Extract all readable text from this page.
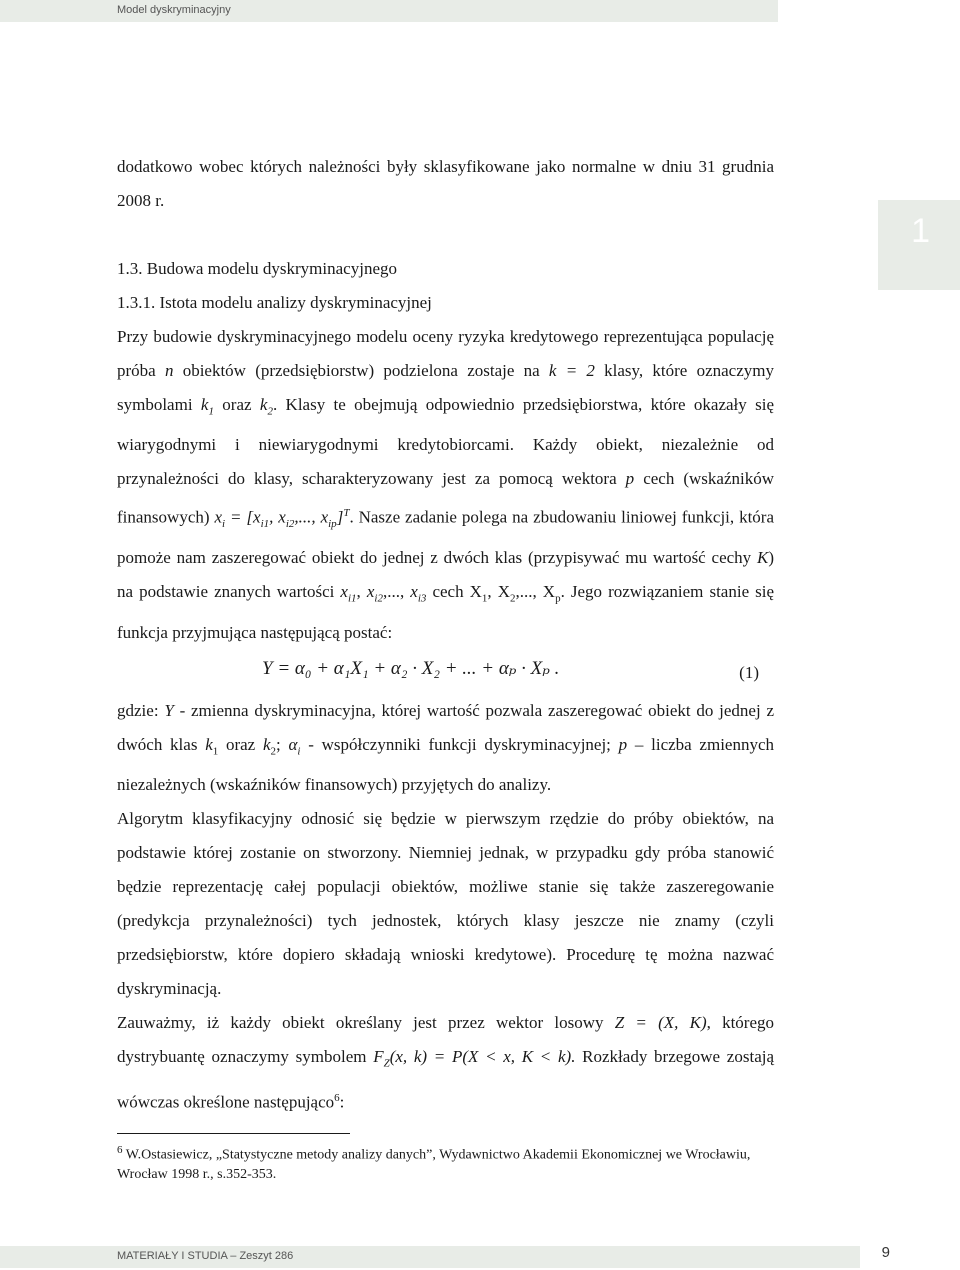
Model dyskryminacyjny
1

dodatkowo wobec których należności były sklasyfikowane jako normalne w dniu 31 grudnia 2008 r.

1.3. Budowa modelu dyskryminacyjnego

1.3.1. Istota modelu analizy dyskryminacyjnej

Przy budowie dyskryminacyjnego modelu oceny ryzyka kredytowego reprezentująca populację próba n obiektów (przedsiębiorstw) podzielona zostaje na k = 2 klasy, które oznaczymy symbolami $k_1$ oraz $k_2$. Klasy te obejmują odpowiednio przedsiębiorstwa, które okazały się wiarygodnymi i niewiarygodnymi kredytobiorcami. Każdy obiekt, niezależnie od przynależności do klasy, scharakteryzowany jest za pomocą wektora p cech (wskaźników finansowych) $x_i = [x_{i1}$, $x_{i2}$,..., $x_{ip}]^T$. Nasze zadanie polega na zbudowaniu liniowej funkcji, która pomoże nam zaszeregować obiekt do jednej z dwóch klas (przypisywać mu wartość cechy K) na podstawie znanych wartości $x_{i1}$, $x_{i2}$,..., $x_{i3}$ cech $X_1$, $X_2$,..., $X_p$. Jego rozwiązaniem stanie się funkcja przyjmująca następującą postać:

Y = α₀ + α₁X₁ + α₂ · X₂ + ... + αₚ · Xₚ .	(1)

gdzie: Y - zmienna dyskryminacyjna, której wartość pozwala zaszeregować obiekt do jednej z dwóch klas $k_1$ oraz $k_2$; $\alpha_i$ - współczynniki funkcji dyskryminacyjnej; p – liczba zmiennych niezależnych (wskaźników finansowych) przyjętych do analizy.

Algorytm klasyfikacyjny odnosić się będzie w pierwszym rzędzie do próby obiektów, na podstawie której zostanie on stworzony. Niemniej jednak, w przypadku gdy próba stanowić będzie reprezentację całej populacji obiektów, możliwe stanie się także zaszeregowanie (predykcja przynależności) tych jednostek, których klasy jeszcze nie znamy (czyli przedsiębiorstw, które dopiero składają wnioski kredytowe). Procedurę tę można nazwać dyskryminacją.

Zauważmy, iż każdy obiekt określany jest przez wektor losowy Z = (X, K), którego dystrybuantę oznaczymy symbolem $F_Z(x$, k) = P(X < x, K < k). Rozkłady brzegowe zostają wówczas określone następująco$^6$:

$^6$ W.Ostasiewicz, „Statystyczne metody analizy danych”, Wydawnictwo Akademii Ekonomicznej we Wrocławiu, Wrocław 1998 r., s.352-353.
MATERIAŁY I STUDIA – Zeszyt 286	9
